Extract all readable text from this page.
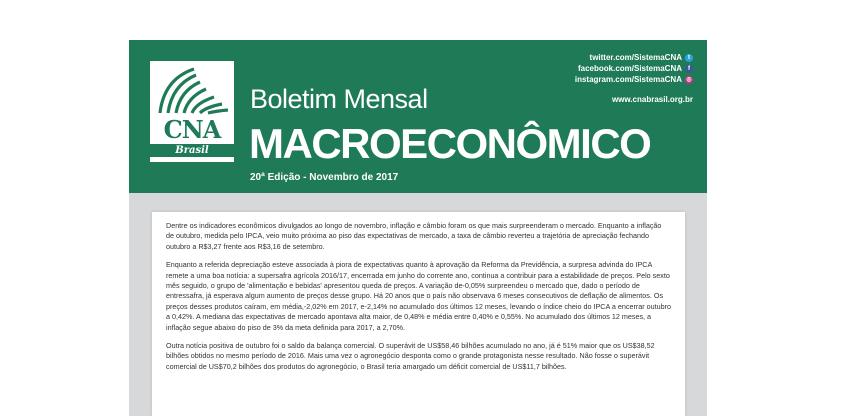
CNA
Brasil
Boletim Mensal
MACROECONÔMICO
20ª Edição - Novembro de 2017
twitter.com/SistemaCNA	t
facebook.com/SistemaCNA	f
instagram.com/SistemaCNA ◎
www.cnabrasil.org.br

Dentre os indicadores econômicos divulgados ao longo de novembro, inflação e câmbio foram os que mais surpreenderam o mercado. Enquanto a inflação de outubro, medida pelo IPCA, veio muito próxima ao piso das expectativas de mercado, a taxa de câmbio reverteu a trajetória de apreciação fechando outubro a R$3,27 frente aos R$3,16 de setembro.

Enquanto a referida depreciação esteve associada à piora de expectativas quanto à aprovação da Reforma da Previdência, a surpresa advinda do IPCA remete a uma boa notícia: a supersafra agrícola 2016/17, encerrada em junho do corrente ano, continua a contribuir para a estabilidade de preços. Pelo sexto mês seguido, o grupo de 'alimentação e bebidas' apresentou queda de preços. A variação de-0,05% surpreendeu o mercado que, dado o período de entressafra, já esperava algum aumento de preços desse grupo. Há 20 anos que o país não observava 6 meses consecutivos de deflação de alimentos. Os preços desses produtos caíram, em média,-2,02% em 2017, e-2,14% no acumulado dos últimos 12 meses, levando o índice cheio do IPCA a encerrar outubro a 0,42%. A mediana das expectativas de mercado apontava alta maior, de 0,48% e média entre 0,40% e 0,55%. No acumulado dos últimos 12 meses, a inflação segue abaixo do piso de 3% da meta definida para 2017, a 2,70%.

Outra notícia positiva de outubro foi o saldo da balança comercial. O superávit de US$58,46 bilhões acumulado no ano, já é 51% maior que os US$38,52 bilhões obtidos no mesmo período de 2016. Mais uma vez o agronegócio desponta como o grande protagonista nesse resultado. Não fosse o superávit comercial de US$70,2 bilhões dos produtos do agronegócio, o Brasil teria amargado um déficit comercial de US$11,7 bilhões.
